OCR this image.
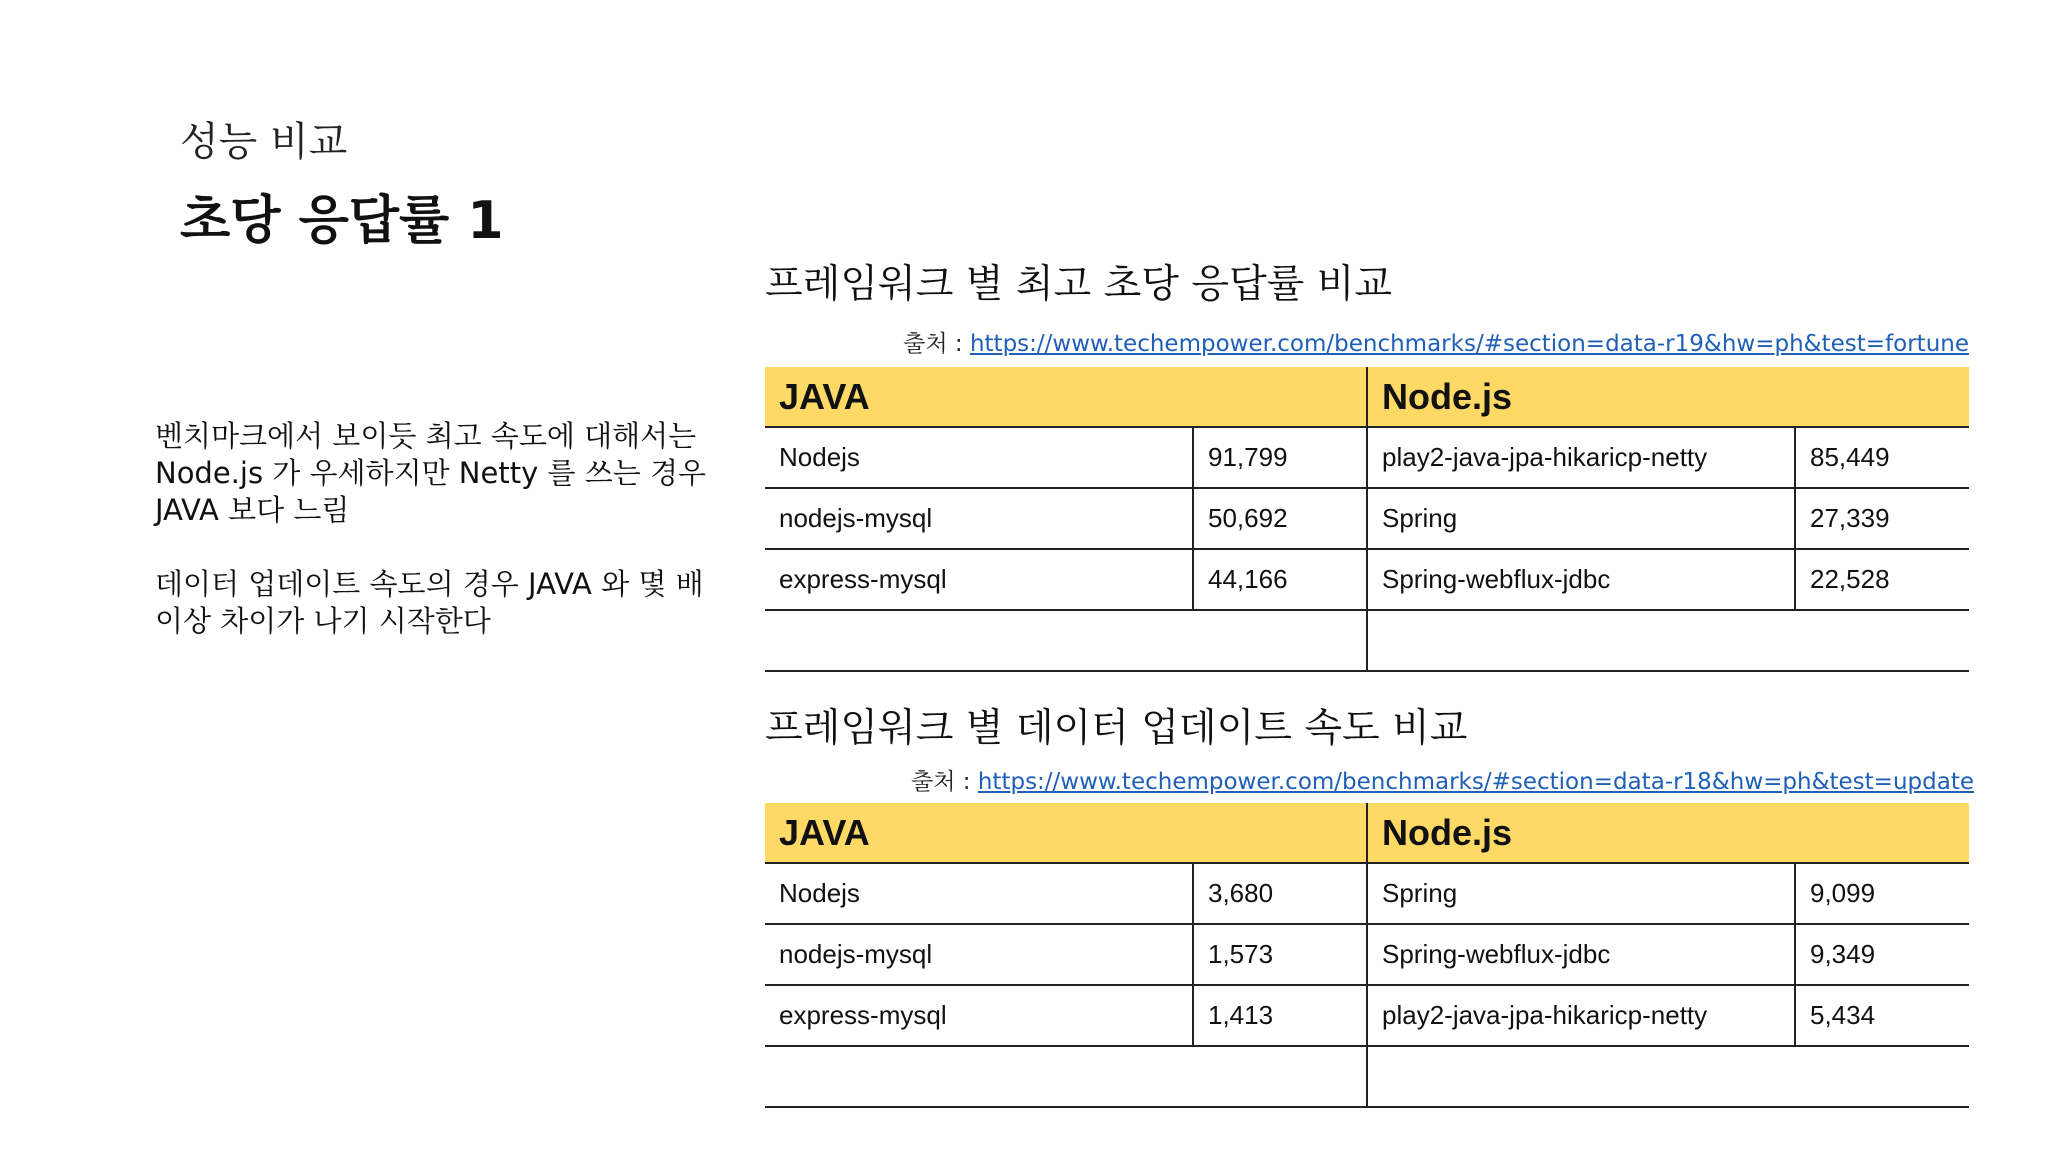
성능 비교
초당 응답률 1

벤치마크에서 보이듯 최고 속도에 대해서는 Node.js 가 우세하지만 Netty 를 쓰는 경우 JAVA 보다 느림

데이터 업데이트 속도의 경우 JAVA 와 몇 배 이상 차이가 나기 시작한다

프레임워크 별 최고 초당 응답률 비교
출처 : https://www.techempower.com/benchmarks/#section=data-r19&hw=ph&test=fortune
JAVA		Node.js	
Nodejs	91,799	play2-java-jpa-hikaricp-netty	85,449
nodejs-mysql	50,692	Spring	27,339
express-mysql	44,166	Spring-webflux-jdbc	22,528

프레임워크 별 데이터 업데이트 속도 비교
출처 : https://www.techempower.com/benchmarks/#section=data-r18&hw=ph&test=update
JAVA		Node.js	
Nodejs	3,680	Spring	9,099
nodejs-mysql	1,573	Spring-webflux-jdbc	9,349
express-mysql	1,413	play2-java-jpa-hikaricp-netty	5,434
